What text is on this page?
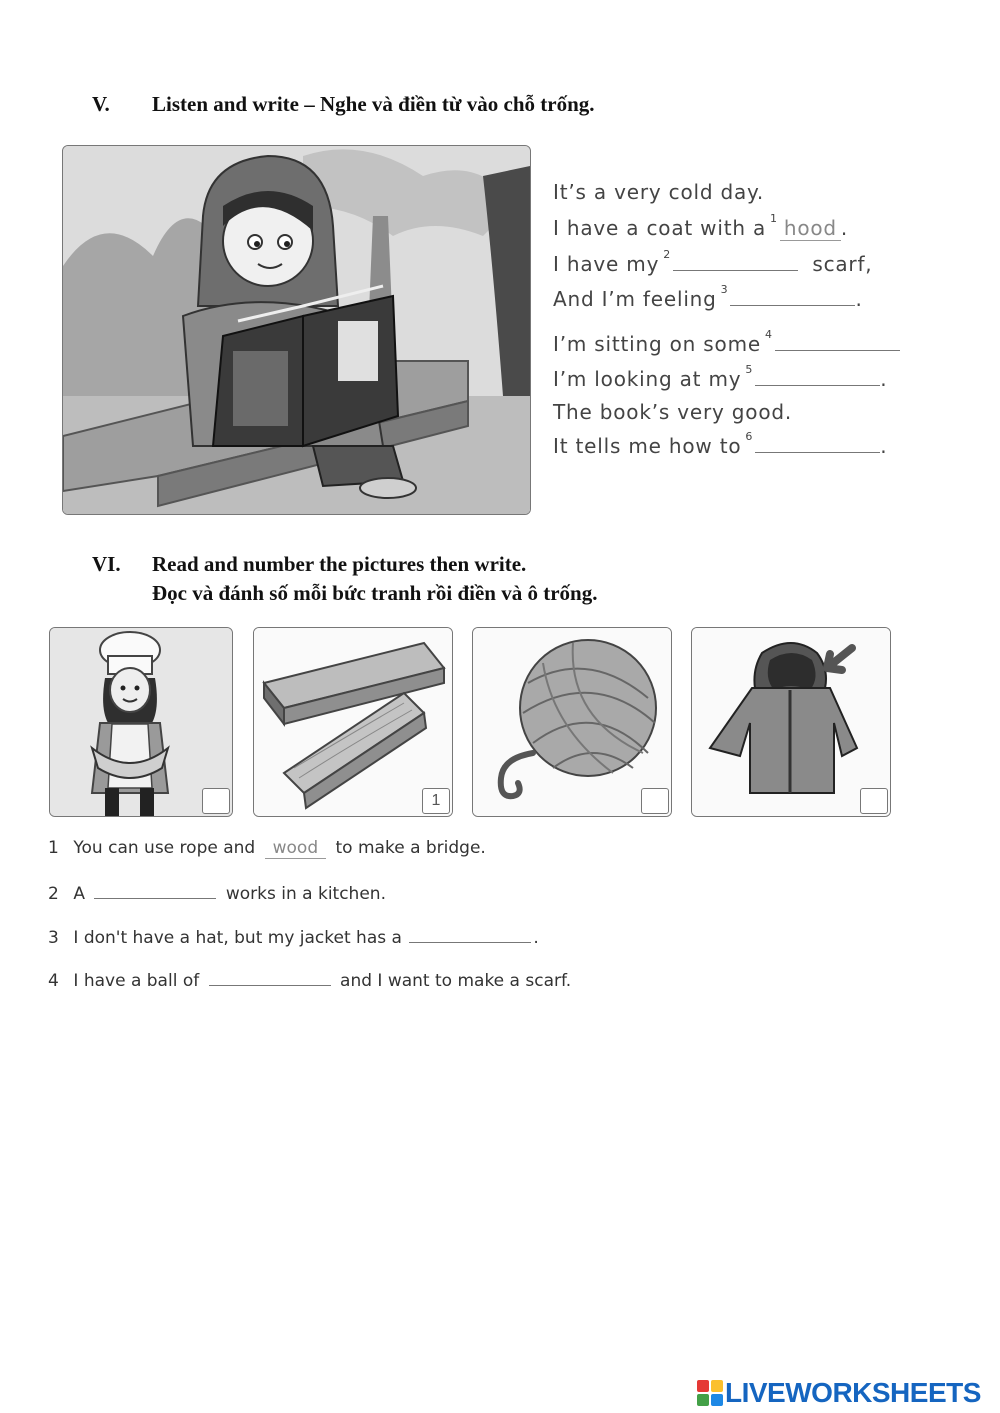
V. Listen and write – Nghe và điền từ vào chỗ trống.
It’s a very cold day.
I have a coat with a $^1$ hood .
I have my $^2$	scarf,
And I’m feeling $^3$	.
I’m sitting on some $^4$
I’m looking at my $^5$	.
The book’s very good.
It tells me how to $^6$	.
VI. Read and number the pictures then write.
Đọc và đánh số mỗi bức tranh rồi điền và ô trống.
1
1 You can use rope and wood to make a bridge.
2 A	works in a kitchen.
3 I don't have a hat, but my jacket has a	.
4 I have a ball of	and I want to make a scarf.
LIVEWORKSHEETS
